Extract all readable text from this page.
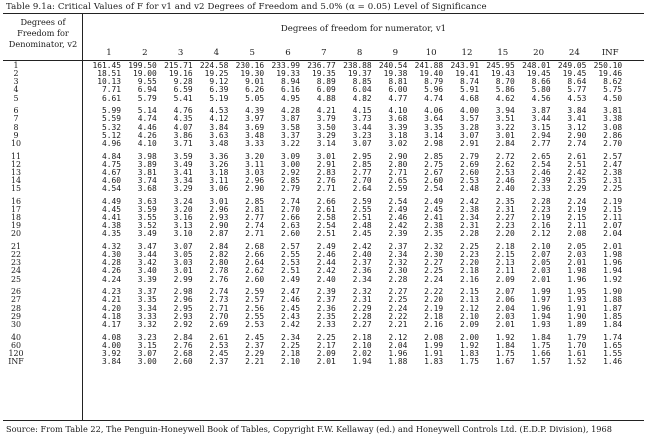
Table 9.1a: Critical Values of F for v1 and v2 Degrees of Freedom and 5.0% (α = 0.05) Level of Significance
Degrees of
Freedom for
Denominator, v2
Degrees of freedom for numerator, v1
1	2	3	4	5	6	7	8	9	10	12	15	20	24	INF
1	161.45 199.50 215.71 224.58 230.16 233.99 236.77 238.88 240.54 241.88 243.91 245.95 248.01 249.05 250.10
2	18.51	19.00	19.16	19.25	19.30	19.33	19.35	19.37	19.38	19.40	19.41	19.43	19.45	19.45	19.46
3	10.13	9.55	9.28	9.12	9.01	8.94	8.89	8.85	8.81	8.79	8.74	8.70	8.66	8.64	8.62
4	7.71	6.94	6.59	6.39	6.26	6.16	6.09	6.04	6.00	5.96	5.91	5.86	5.80	5.77	5.75
5	6.61	5.79	5.41	5.19	5.05	4.95	4.88	4.82	4.77	4.74	4.68	4.62	4.56	4.53	4.50
6	5.99	5.14	4.76	4.53	4.39	4.28	4.21	4.15	4.10	4.06	4.00	3.94	3.87	3.84	3.81
7	5.59	4.74	4.35	4.12	3.97	3.87	3.79	3.73	3.68	3.64	3.57	3.51	3.44	3.41	3.38
8	5.32	4.46	4.07	3.84	3.69	3.58	3.50	3.44	3.39	3.35	3.28	3.22	3.15	3.12	3.08
9	5.12	4.26	3.86	3.63	3.48	3.37	3.29	3.23	3.18	3.14	3.07	3.01	2.94	2.90	2.86
10	4.96	4.10	3.71	3.48	3.33	3.22	3.14	3.07	3.02	2.98	2.91	2.84	2.77	2.74	2.70
11	4.84	3.98	3.59	3.36	3.20	3.09	3.01	2.95	2.90	2.85	2.79	2.72	2.65	2.61	2.57
12	4.75	3.89	3.49	3.26	3.11	3.00	2.91	2.85	2.80	2.75	2.69	2.62	2.54	2.51	2.47
13	4.67	3.81	3.41	3.18	3.03	2.92	2.83	2.77	2.71	2.67	2.60	2.53	2.46	2.42	2.38
14	4.60	3.74	3.34	3.11	2.96	2.85	2.76	2.70	2.65	2.60	2.53	2.46	2.39	2.35	2.31
15	4.54	3.68	3.29	3.06	2.90	2.79	2.71	2.64	2.59	2.54	2.48	2.40	2.33	2.29	2.25
16	4.49	3.63	3.24	3.01	2.85	2.74	2.66	2.59	2.54	2.49	2.42	2.35	2.28	2.24	2.19
17	4.45	3.59	3.20	2.96	2.81	2.70	2.61	2.55	2.49	2.45	2.38	2.31	2.23	2.19	2.15
18	4.41	3.55	3.16	2.93	2.77	2.66	2.58	2.51	2.46	2.41	2.34	2.27	2.19	2.15	2.11
19	4.38	3.52	3.13	2.90	2.74	2.63	2.54	2.48	2.42	2.38	2.31	2.23	2.16	2.11	2.07
20	4.35	3.49	3.10	2.87	2.71	2.60	2.51	2.45	2.39	2.35	2.28	2.20	2.12	2.08	2.04
21	4.32	3.47	3.07	2.84	2.68	2.57	2.49	2.42	2.37	2.32	2.25	2.18	2.10	2.05	2.01
22	4.30	3.44	3.05	2.82	2.66	2.55	2.46	2.40	2.34	2.30	2.23	2.15	2.07	2.03	1.98
23	4.28	3.42	3.03	2.80	2.64	2.53	2.44	2.37	2.32	2.27	2.20	2.13	2.05	2.01	1.96
24	4.26	3.40	3.01	2.78	2.62	2.51	2.42	2.36	2.30	2.25	2.18	2.11	2.03	1.98	1.94
25	4.24	3.39	2.99	2.76	2.60	2.49	2.40	2.34	2.28	2.24	2.16	2.09	2.01	1.96	1.92
26	4.23	3.37	2.98	2.74	2.59	2.47	2.39	2.32	2.27	2.22	2.15	2.07	1.99	1.95	1.90
27	4.21	3.35	2.96	2.73	2.57	2.46	2.37	2.31	2.25	2.20	2.13	2.06	1.97	1.93	1.88
28	4.20	3.34	2.95	2.71	2.56	2.45	2.36	2.29	2.24	2.19	2.12	2.04	1.96	1.91	1.87
29	4.18	3.33	2.93	2.70	2.55	2.43	2.35	2.28	2.22	2.18	2.10	2.03	1.94	1.90	1.85
30	4.17	3.32	2.92	2.69	2.53	2.42	2.33	2.27	2.21	2.16	2.09	2.01	1.93	1.89	1.84
40	4.08	3.23	2.84	2.61	2.45	2.34	2.25	2.18	2.12	2.08	2.00	1.92	1.84	1.79	1.74
60	4.00	3.15	2.76	2.53	2.37	2.25	2.17	2.10	2.04	1.99	1.92	1.84	1.75	1.70	1.65
120	3.92	3.07	2.68	2.45	2.29	2.18	2.09	2.02	1.96	1.91	1.83	1.75	1.66	1.61	1.55
INF	3.84	3.00	2.60	2.37	2.21	2.10	2.01	1.94	1.88	1.83	1.75	1.67	1.57	1.52	1.46
Source: From Table 22, The Penguin-Honeywell Book of Tables, Copyright F.W. Kellaway (ed.) and Honeywell Controls Ltd. (E.D.P. Division), 1968
